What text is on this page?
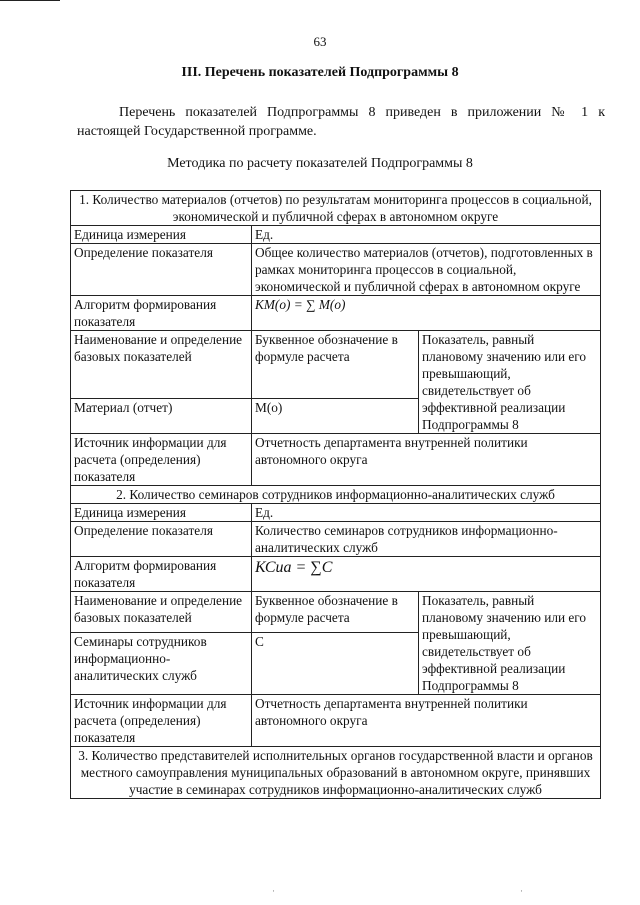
63
III. Перечень показателей Подпрограммы 8
Перечень показателей Подпрограммы 8 приведен в приложении № 1 к настоящей Государственной программе.
Методика по расчету показателей Подпрограммы 8
1. Количество материалов (отчетов) по результатам мониторинга процессов в социальной, экономической и публичной сферах в автономном округе		
Единица измерения	Ед.	
Определение показателя	Общее количество материалов (отчетов), подготовленных в рамках мониторинга процессов в социальной, экономической и публичной сферах в автономном округе	
Алгоритм формирования показателя	КМ(о) = ∑ М(о)	
Наименование и определение базовых показателей	Буквенное обозначение в формуле расчета	Показатель, равный плановому значению или его превышающий, свидетельствует об эффективной реализации Подпрограммы 8
Материал (отчет)	М(о)	
Источник информации для расчета (определения) показателя	Отчетность департамента внутренней политики автономного округа	
2. Количество семинаров сотрудников информационно-аналитических служб		
Единица измерения	Ед.	
Определение показателя	Количество семинаров сотрудников информационно-аналитических служб	
Алгоритм формирования показателя	КСиа = ∑С	
Наименование и определение базовых показателей	Буквенное обозначение в формуле расчета	Показатель, равный плановому значению или его превышающий, свидетельствует об эффективной реализации Подпрограммы 8
Семинары сотрудников информационно-аналитических служб	С	
Источник информации для расчета (определения) показателя	Отчетность департамента внутренней политики автономного округа	
3. Количество представителей исполнительных органов государственной власти и органов местного самоуправления муниципальных образований в автономном округе, принявших участие в семинарах сотрудников информационно-аналитических служб		
·	·
